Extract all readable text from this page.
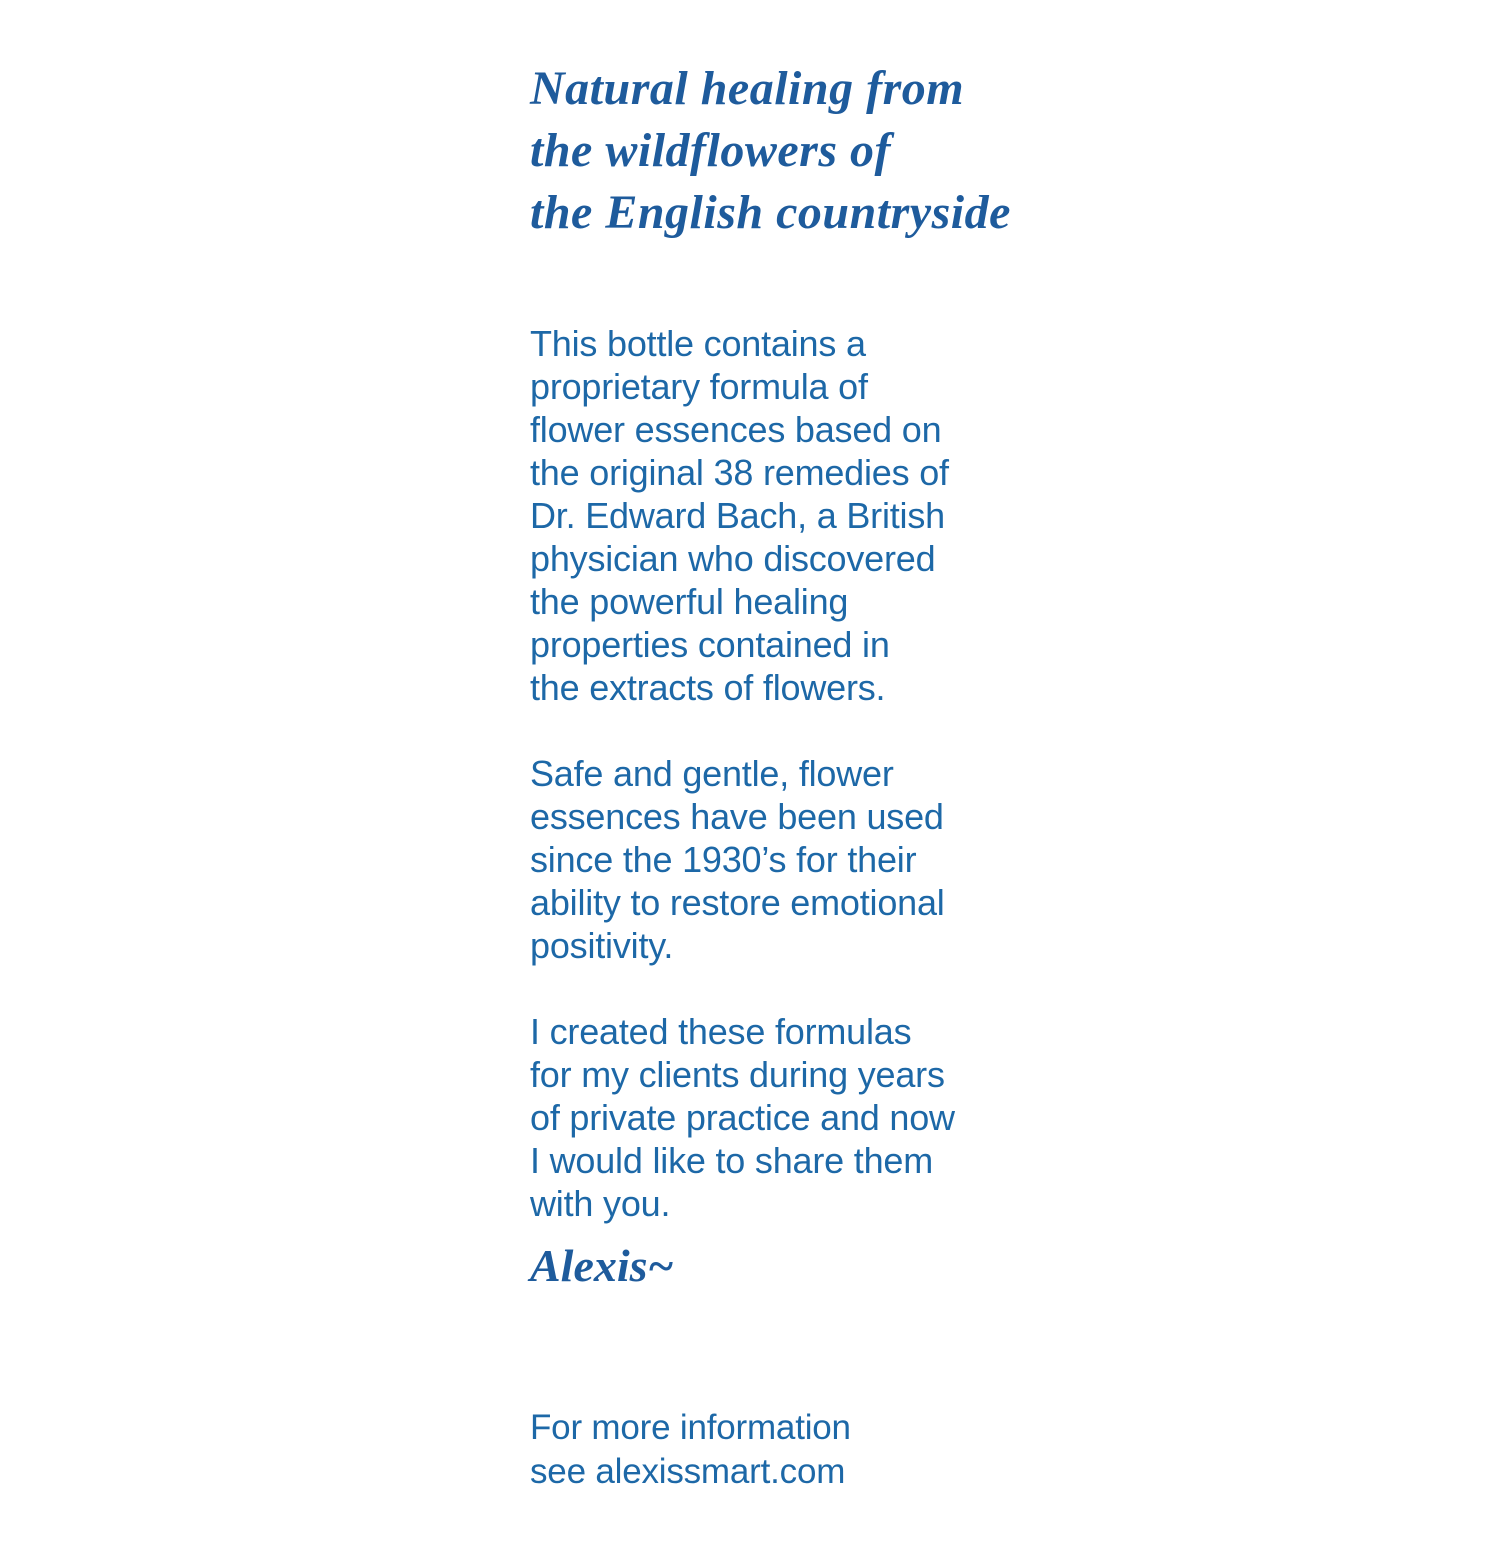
Natural healing from
the wildflowers of
the English countryside
This bottle contains a
proprietary formula of
flower essences based on
the original 38 remedies of
Dr. Edward Bach, a British
physician who discovered
the powerful healing
properties contained in
the extracts of flowers.
Safe and gentle, flower
essences have been used
since the 1930’s for their
ability to restore emotional
positivity.
I created these formulas
for my clients during years
of private practice and now
I would like to share them
with you.
Alexis~
For more information
see alexissmart.com
